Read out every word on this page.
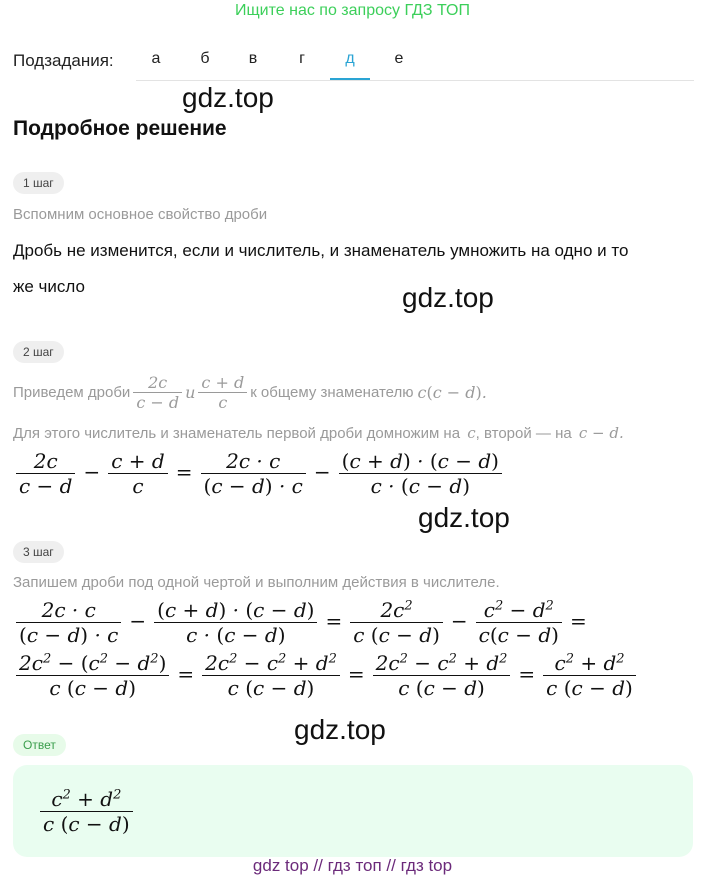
Ищите нас по запросу ГДЗ ТОП
Подзадания:	а	б	в	г	д	е
gdz.top
Подробное решение
1 шаг
Вспомним основное свойство дроби
Дробь не изменится, если и числитель, и знаменатель умножить на одно и то
же число	gdz.top
2 шаг
Приведем дроби $\frac{2c}{c - d}$ и $\frac{c + d}{c}$ к общему знаменателю c(c − d).
Для этого числитель и знаменатель первой дроби домножим на c, второй — на c − d.
$\frac{2c}{c - d} - \frac{c + d}{c} = \frac{2c \cdot c}{(c - d) \cdot c} - \frac{(c + d) \cdot (c - d)}{c \cdot (c - d)}$
gdz.top
3 шаг
Запишем дроби под одной чертой и выполним действия в числителе.
$\frac{2c \cdot c}{(c - d) \cdot c} - \frac{(c + d) \cdot (c - d)}{c \cdot (c - d)} = \frac{2c^2}{c (c - d)} - \frac{c^2 - d^2}{c(c - d)}$ =
$\frac{2c^2 - (c^2 - d^2)}{c (c - d)} = \frac{2c^2 - c^2 + d^2}{c (c - d)} = \frac{2c^2 - c^2 + d^2}{c (c - d)} = \frac{c^2 + d^2}{c (c - d)}$
gdz.top
Ответ
$\frac{c^2 + d^2}{c (c - d)}$
gdz top // гдз топ // гдз top
